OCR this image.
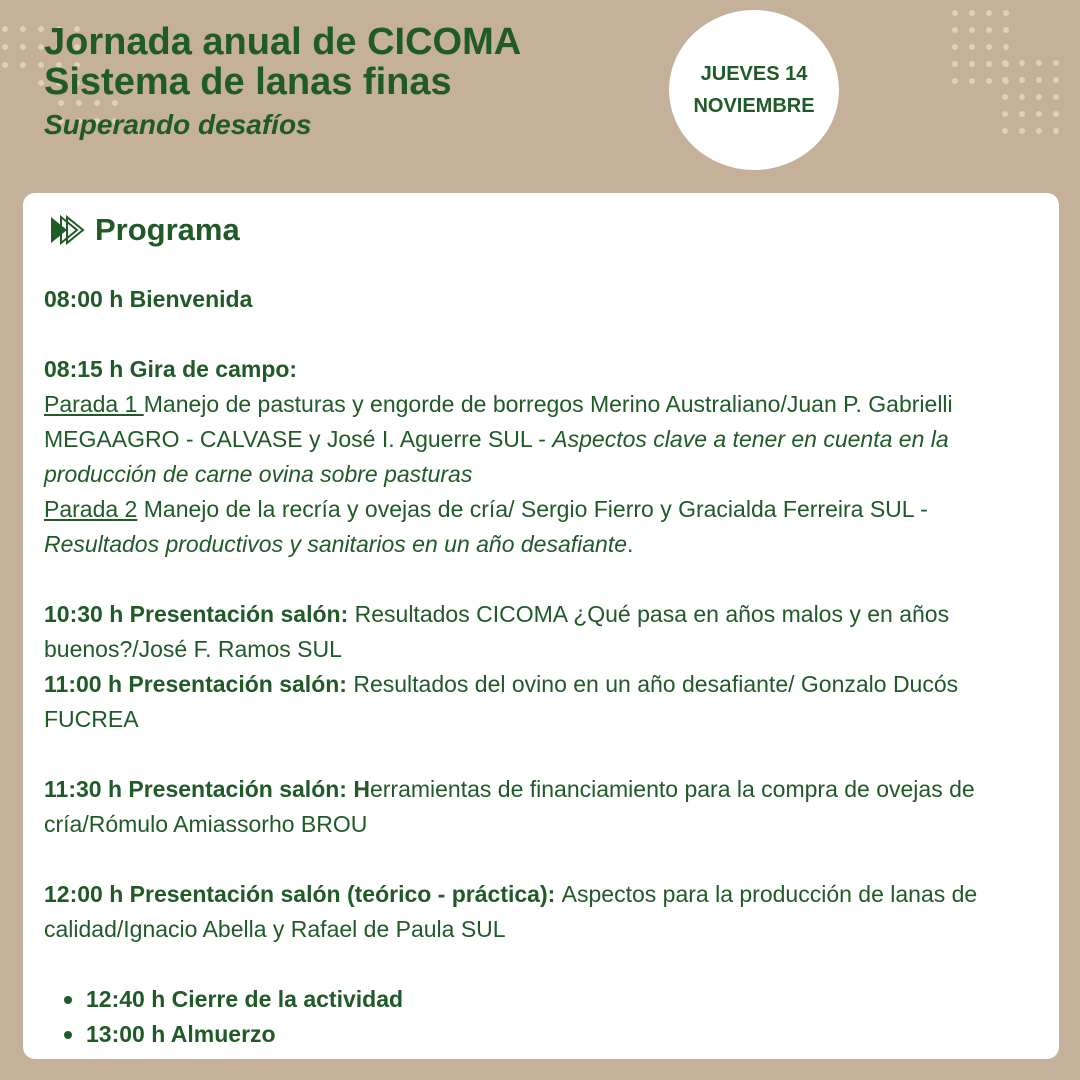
Jornada anual de CICOMA
Sistema de lanas finas
Superando desafíos
JUEVES 14
NOVIEMBRE
Programa

08:00 h Bienvenida

08:15 h Gira de campo:

Parada 1 Manejo de pasturas y engorde de borregos Merino Australiano/Juan P. Gabrielli MEGAAGRO - CALVASE y José I. Aguerre SUL - Aspectos clave a tener en cuenta en la producción de carne ovina sobre pasturas

Parada 2 Manejo de la recría y ovejas de cría/ Sergio Fierro y Gracialda Ferreira SUL - Resultados productivos y sanitarios en un año desafiante.

10:30 h Presentación salón: Resultados CICOMA ¿Qué pasa en años malos y en años buenos?/José F. Ramos SUL

11:00 h Presentación salón: Resultados del ovino en un año desafiante/ Gonzalo Ducós FUCREA

11:30 h Presentación salón: Herramientas de financiamiento para la compra de ovejas de cría/Rómulo Amiassorho BROU

12:00 h Presentación salón (teórico - práctica): Aspectos para la producción de lanas de calidad/Ignacio Abella y Rafael de Paula SUL

12:40 h Cierre de la actividad
13:00 h Almuerzo
